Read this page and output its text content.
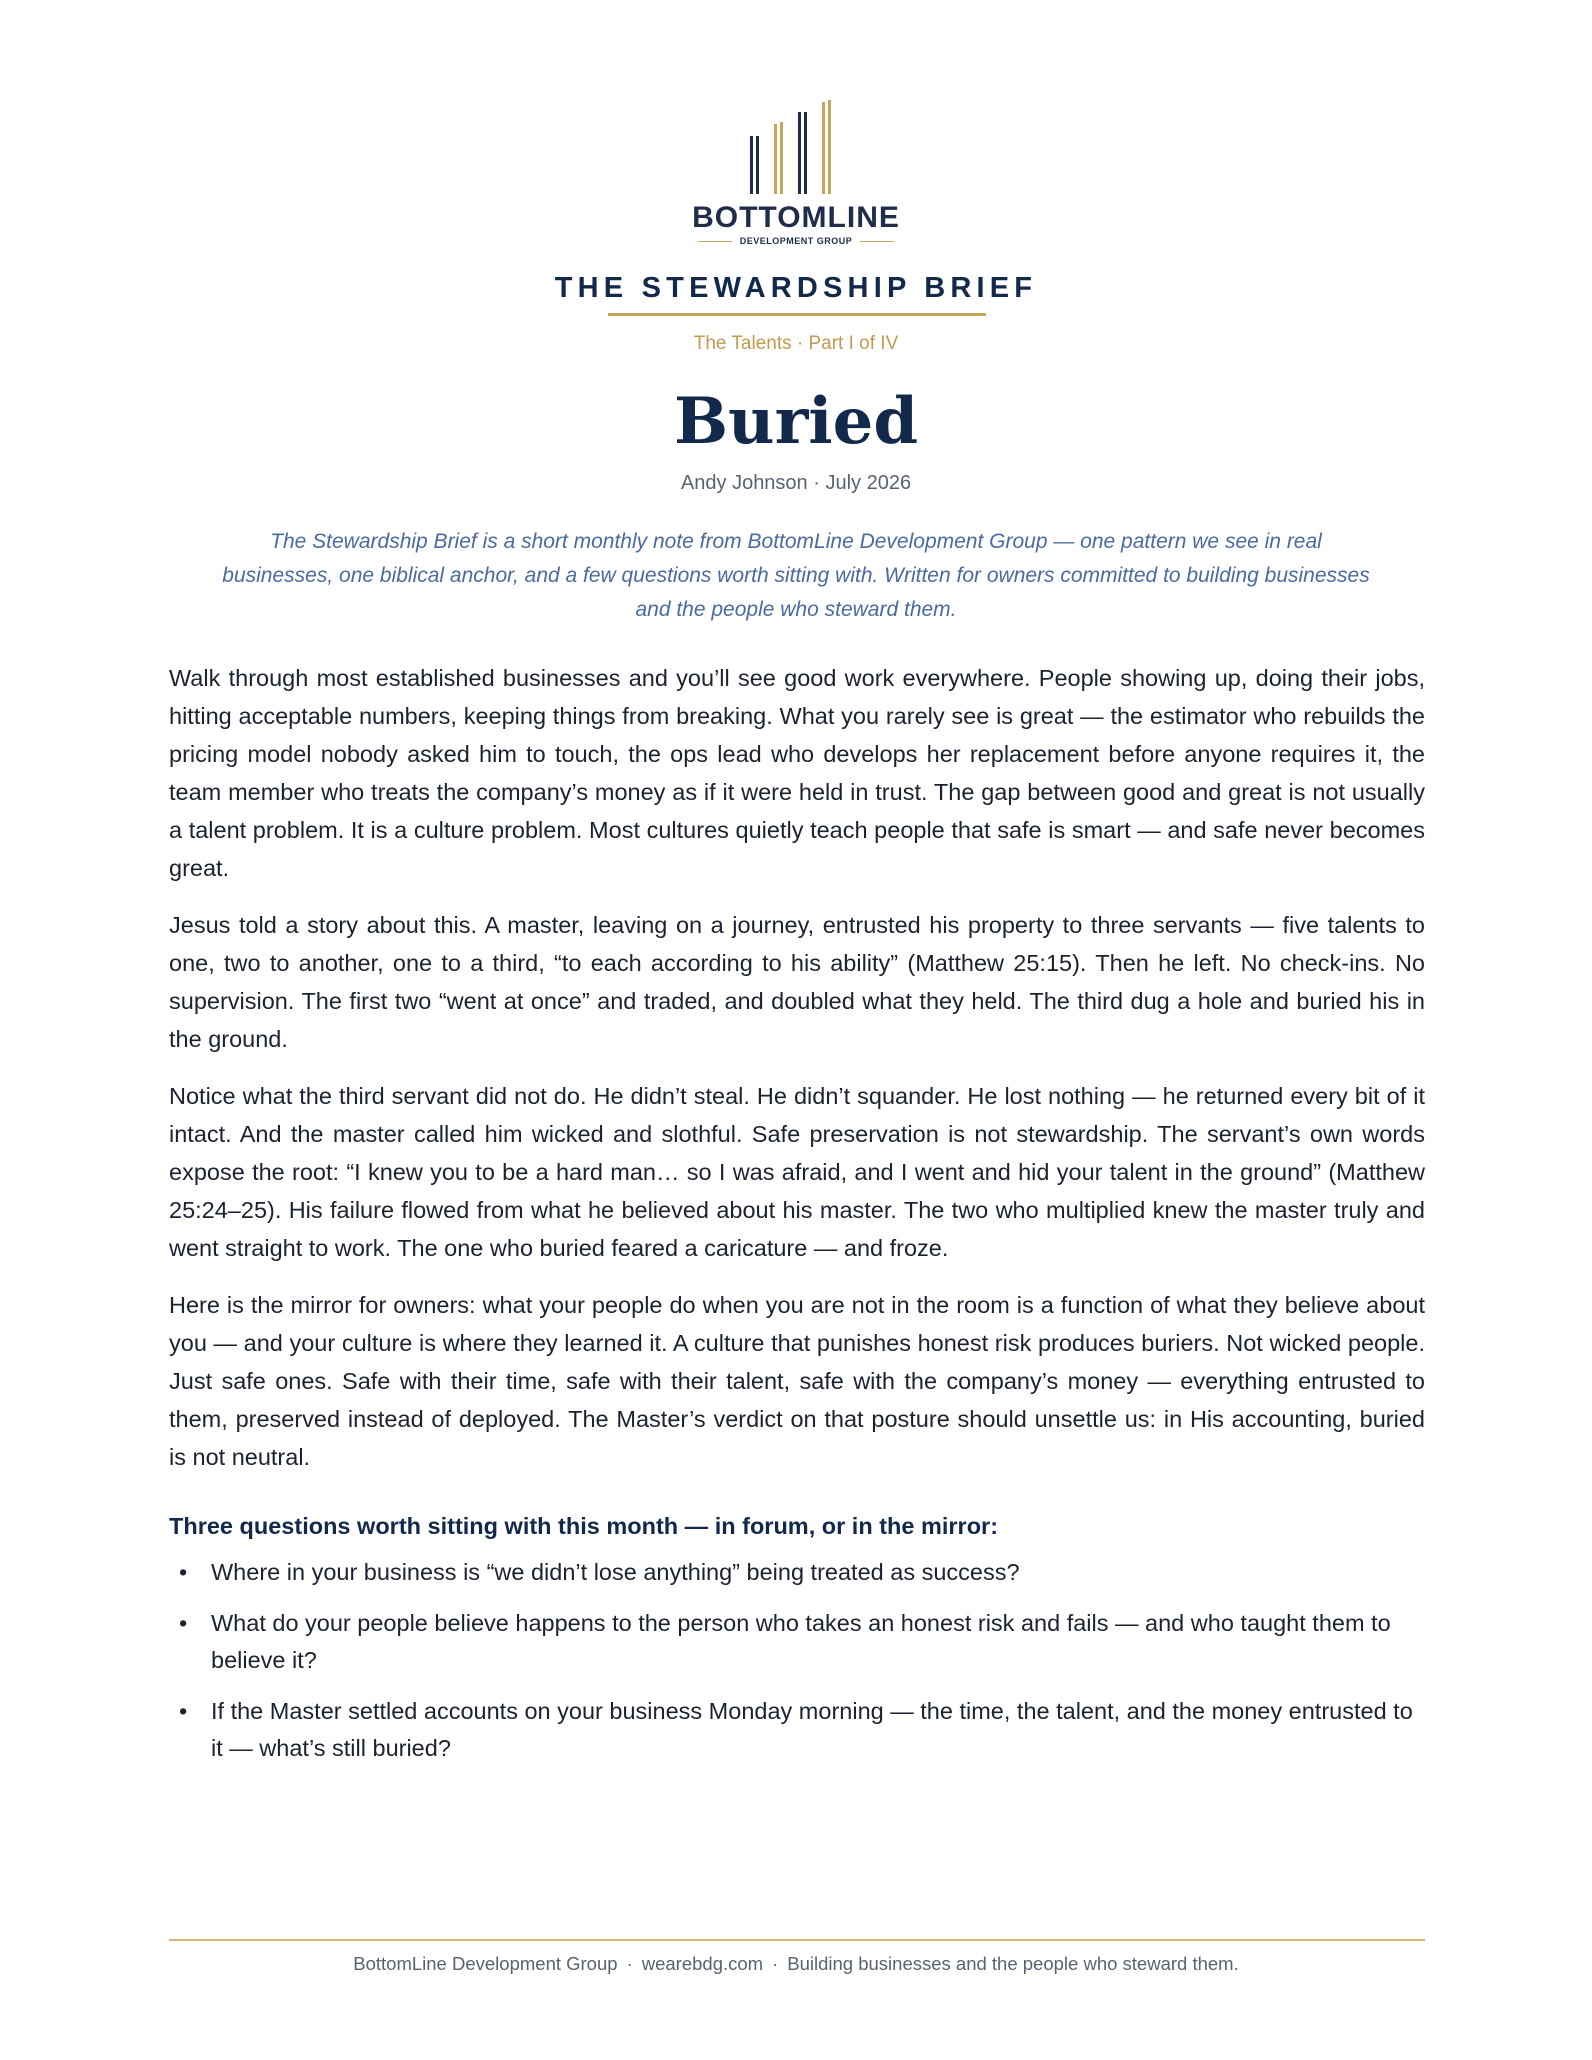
BOTTOMLINE
DEVELOPMENT GROUP
THE STEWARDSHIP BRIEF
The Talents · Part I of IV
Buried
Andy Johnson · July 2026
The Stewardship Brief is a short monthly note from BottomLine Development Group — one pattern we see in real businesses, one biblical anchor, and a few questions worth sitting with. Written for owners committed to building businesses and the people who steward them.

Walk through most established businesses and you’ll see good work everywhere. People showing up, doing their jobs, hitting acceptable numbers, keeping things from breaking. What you rarely see is great — the estimator who rebuilds the pricing model nobody asked him to touch, the ops lead who develops her replacement before anyone requires it, the team member who treats the company’s money as if it were held in trust. The gap between good and great is not usually a talent problem. It is a culture problem. Most cultures quietly teach people that safe is smart — and safe never becomes great.

Jesus told a story about this. A master, leaving on a journey, entrusted his property to three servants — five talents to one, two to another, one to a third, “to each according to his ability” (Matthew 25:15). Then he left. No check-ins. No supervision. The first two “went at once” and traded, and doubled what they held. The third dug a hole and buried his in the ground.

Notice what the third servant did not do. He didn’t steal. He didn’t squander. He lost nothing — he returned every bit of it intact. And the master called him wicked and slothful. Safe preservation is not stewardship. The servant’s own words expose the root: “I knew you to be a hard man… so I was afraid, and I went and hid your talent in the ground” (Matthew 25:24–25). His failure flowed from what he believed about his master. The two who multiplied knew the master truly and went straight to work. The one who buried feared a caricature — and froze.

Here is the mirror for owners: what your people do when you are not in the room is a function of what they believe about you — and your culture is where they learned it. A culture that punishes honest risk produces buriers. Not wicked people. Just safe ones. Safe with their time, safe with their talent, safe with the company’s money — everything entrusted to them, preserved instead of deployed. The Master’s verdict on that posture should unsettle us: in His accounting, buried is not neutral.

Three questions worth sitting with this month — in forum, or in the mirror:
• Where in your business is “we didn’t lose anything” being treated as success?
• What do your people believe happens to the person who takes an honest risk and fails — and who taught them to believe it?
• If the Master settled accounts on your business Monday morning — the time, the talent, and the money entrusted to it — what’s still buried?
BottomLine Development Group · wearebdg.com · Building businesses and the people who steward them.
